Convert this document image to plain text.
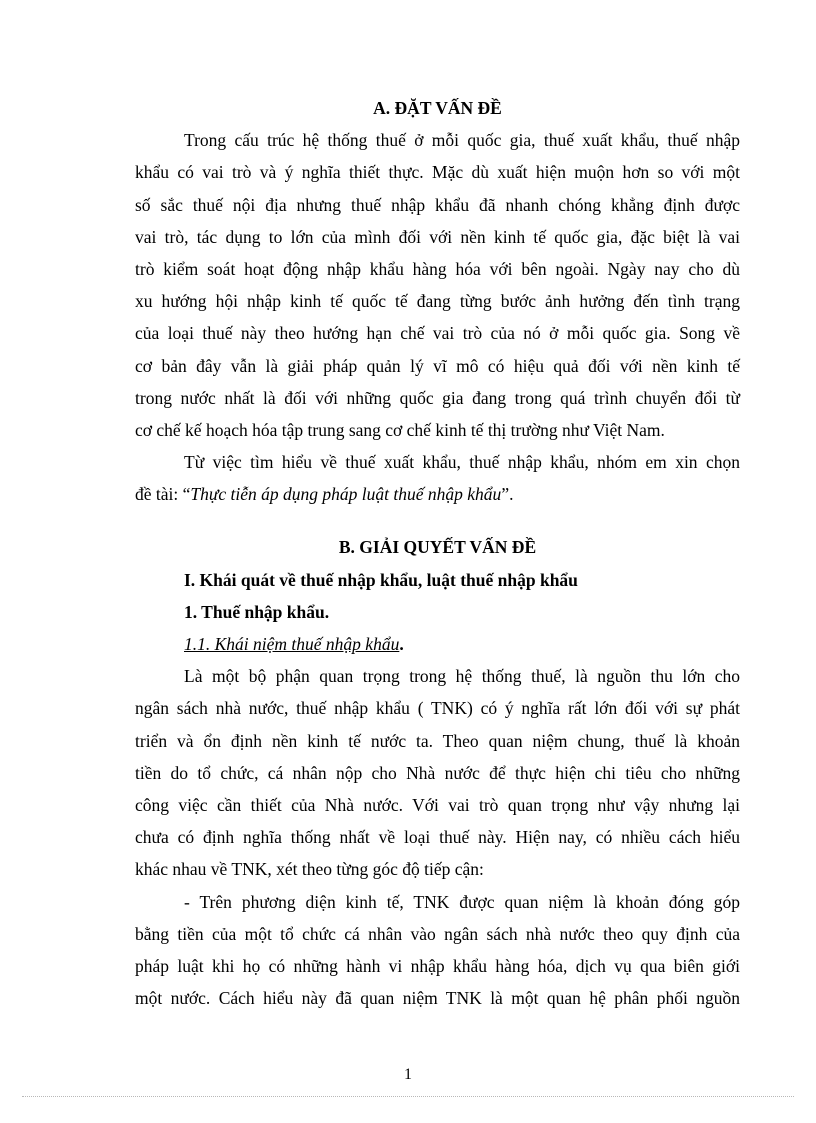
A. ĐẶT VẤN ĐỀ
Trong cấu trúc hệ thống thuế ở mỗi quốc gia, thuế xuất khẩu, thuế nhập
khẩu có vai trò và ý nghĩa thiết thực. Mặc dù xuất hiện muộn hơn so với một
số sắc thuế nội địa nhưng thuế nhập khẩu đã nhanh chóng khẳng định được
vai trò, tác dụng to lớn của mình đối với nền kinh tế quốc gia, đặc biệt là vai
trò kiểm soát hoạt động nhập khẩu hàng hóa với bên ngoài. Ngày nay cho dù
xu hướng hội nhập kinh tế quốc tế đang từng bước ảnh hưởng đến tình trạng
của loại thuế này theo hướng hạn chế vai trò của nó ở mỗi quốc gia. Song về
cơ bản đây vẫn là giải pháp quản lý vĩ mô có hiệu quả đối với nền kinh tế
trong nước nhất là đối với những quốc gia đang trong quá trình chuyển đổi từ
cơ chế kế hoạch hóa tập trung sang cơ chế kinh tế thị trường như Việt Nam.
Từ việc tìm hiểu về thuế xuất khẩu, thuế nhập khẩu, nhóm em xin chọn
đề tài: “Thực tiễn áp dụng pháp luật thuế nhập khẩu”.
B. GIẢI QUYẾT VẤN ĐỀ
I. Khái quát về thuế nhập khẩu, luật thuế nhập khẩu
1. Thuế nhập khẩu.
1.1. Khái niệm thuế nhập khẩu.
Là một bộ phận quan trọng trong hệ thống thuế, là nguồn thu lớn cho
ngân sách nhà nước, thuế nhập khẩu ( TNK) có ý nghĩa rất lớn đối với sự phát
triển và ổn định nền kinh tế nước ta. Theo quan niệm chung, thuế là khoản
tiền do tổ chức, cá nhân nộp cho Nhà nước để thực hiện chi tiêu cho những
công việc cần thiết của Nhà nước. Với vai trò quan trọng như vậy nhưng lại
chưa có định nghĩa thống nhất về loại thuế này. Hiện nay, có nhiều cách hiểu
khác nhau về TNK, xét theo từng góc độ tiếp cận:
- Trên phương diện kinh tế, TNK được quan niệm là khoản đóng góp
bằng tiền của một tổ chức cá nhân vào ngân sách nhà nước theo quy định của
pháp luật khi họ có những hành vi nhập khẩu hàng hóa, dịch vụ qua biên giới
một nước. Cách hiểu này đã quan niệm TNK là một quan hệ phân phối nguồn
1
